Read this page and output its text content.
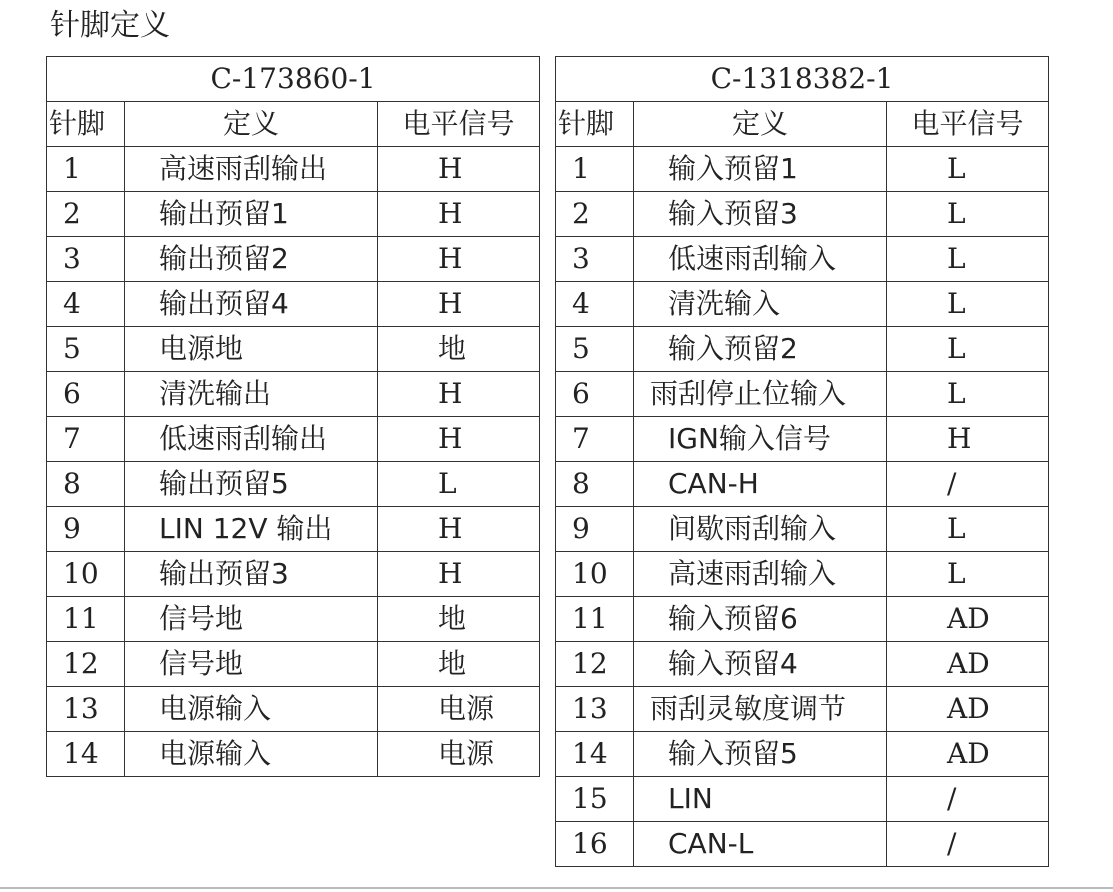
针脚定义
C-173860-1		
针脚	定义	电平信号
1	高速雨刮输出	H
2	输出预留1	H
3	输出预留2	H
4	输出预留4	H
5	电源地	地
6	清洗输出	H
7	低速雨刮输出	H
8	输出预留5	L
9	LIN 12V 输出	H
10	输出预留3	H
11	信号地	地
12	信号地	地
13	电源输入	电源
14	电源输入	电源
C-1318382-1		
针脚	定义	电平信号
1	输入预留1	L
2	输入预留3	L
3	低速雨刮输入	L
4	清洗输入	L
5	输入预留2	L
6	雨刮停止位输入	L
7	IGN输入信号	H
8	CAN-H	/
9	间歇雨刮输入	L
10	高速雨刮输入	L
11	输入预留6	AD
12	输入预留4	AD
13	雨刮灵敏度调节	AD
14	输入预留5	AD
15	LIN	/
16	CAN-L	/
